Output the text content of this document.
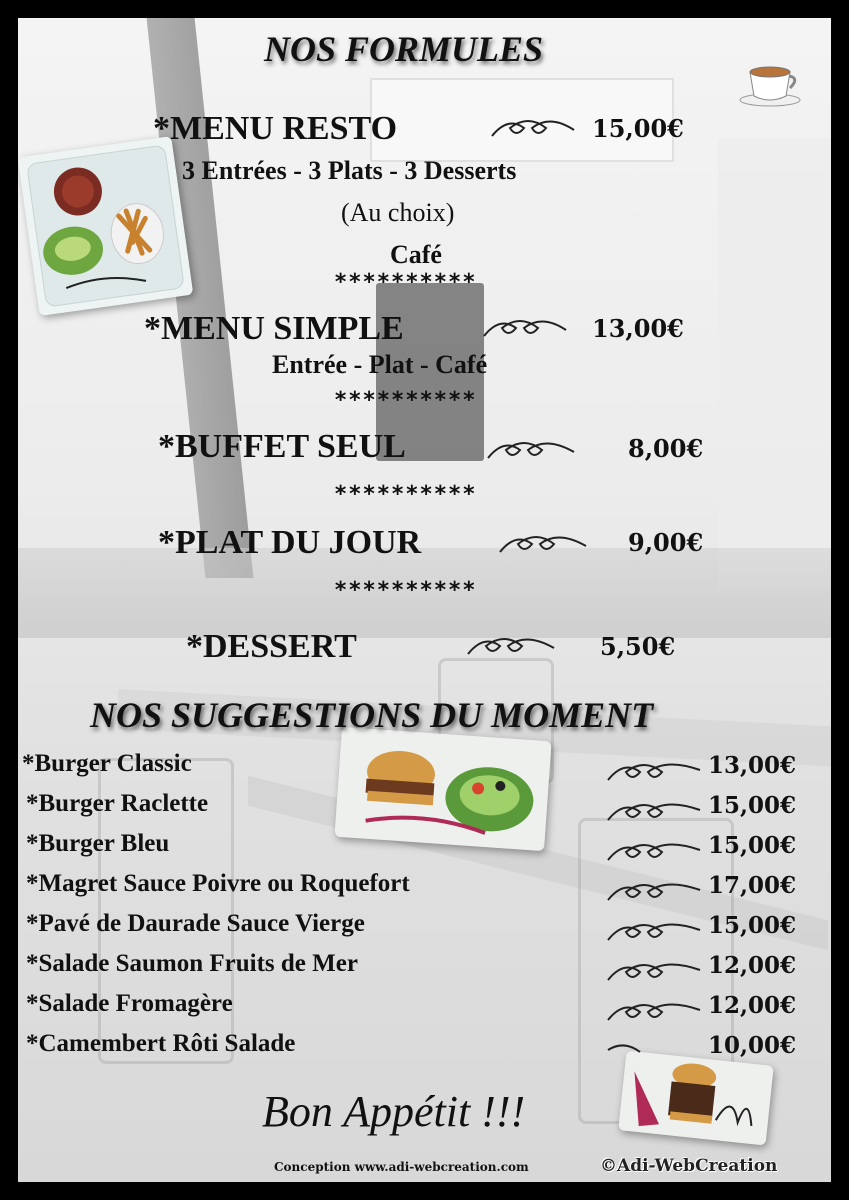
NOS FORMULES
*MENU RESTO	15,00€
3 Entrées - 3 Plats - 3 Desserts
(Au choix)
Café
**********
*MENU SIMPLE	13,00€
Entrée - Plat - Café
**********
*BUFFET SEUL	8,00€
**********
*PLAT DU JOUR	9,00€
**********
*DESSERT	5,50€
NOS SUGGESTIONS DU MOMENT
*Burger Classic	13,00€
*Burger Raclette	15,00€
*Burger Bleu	15,00€
*Magret Sauce Poivre ou Roquefort	17,00€
*Pavé de Daurade Sauce Vierge	15,00€
*Salade Saumon Fruits de Mer	12,00€
*Salade Fromagère	12,00€
*Camembert Rôti Salade	10,00€
Bon Appétit !!!
Conception www.adi-webcreation.com	©Adi-WebCreation
